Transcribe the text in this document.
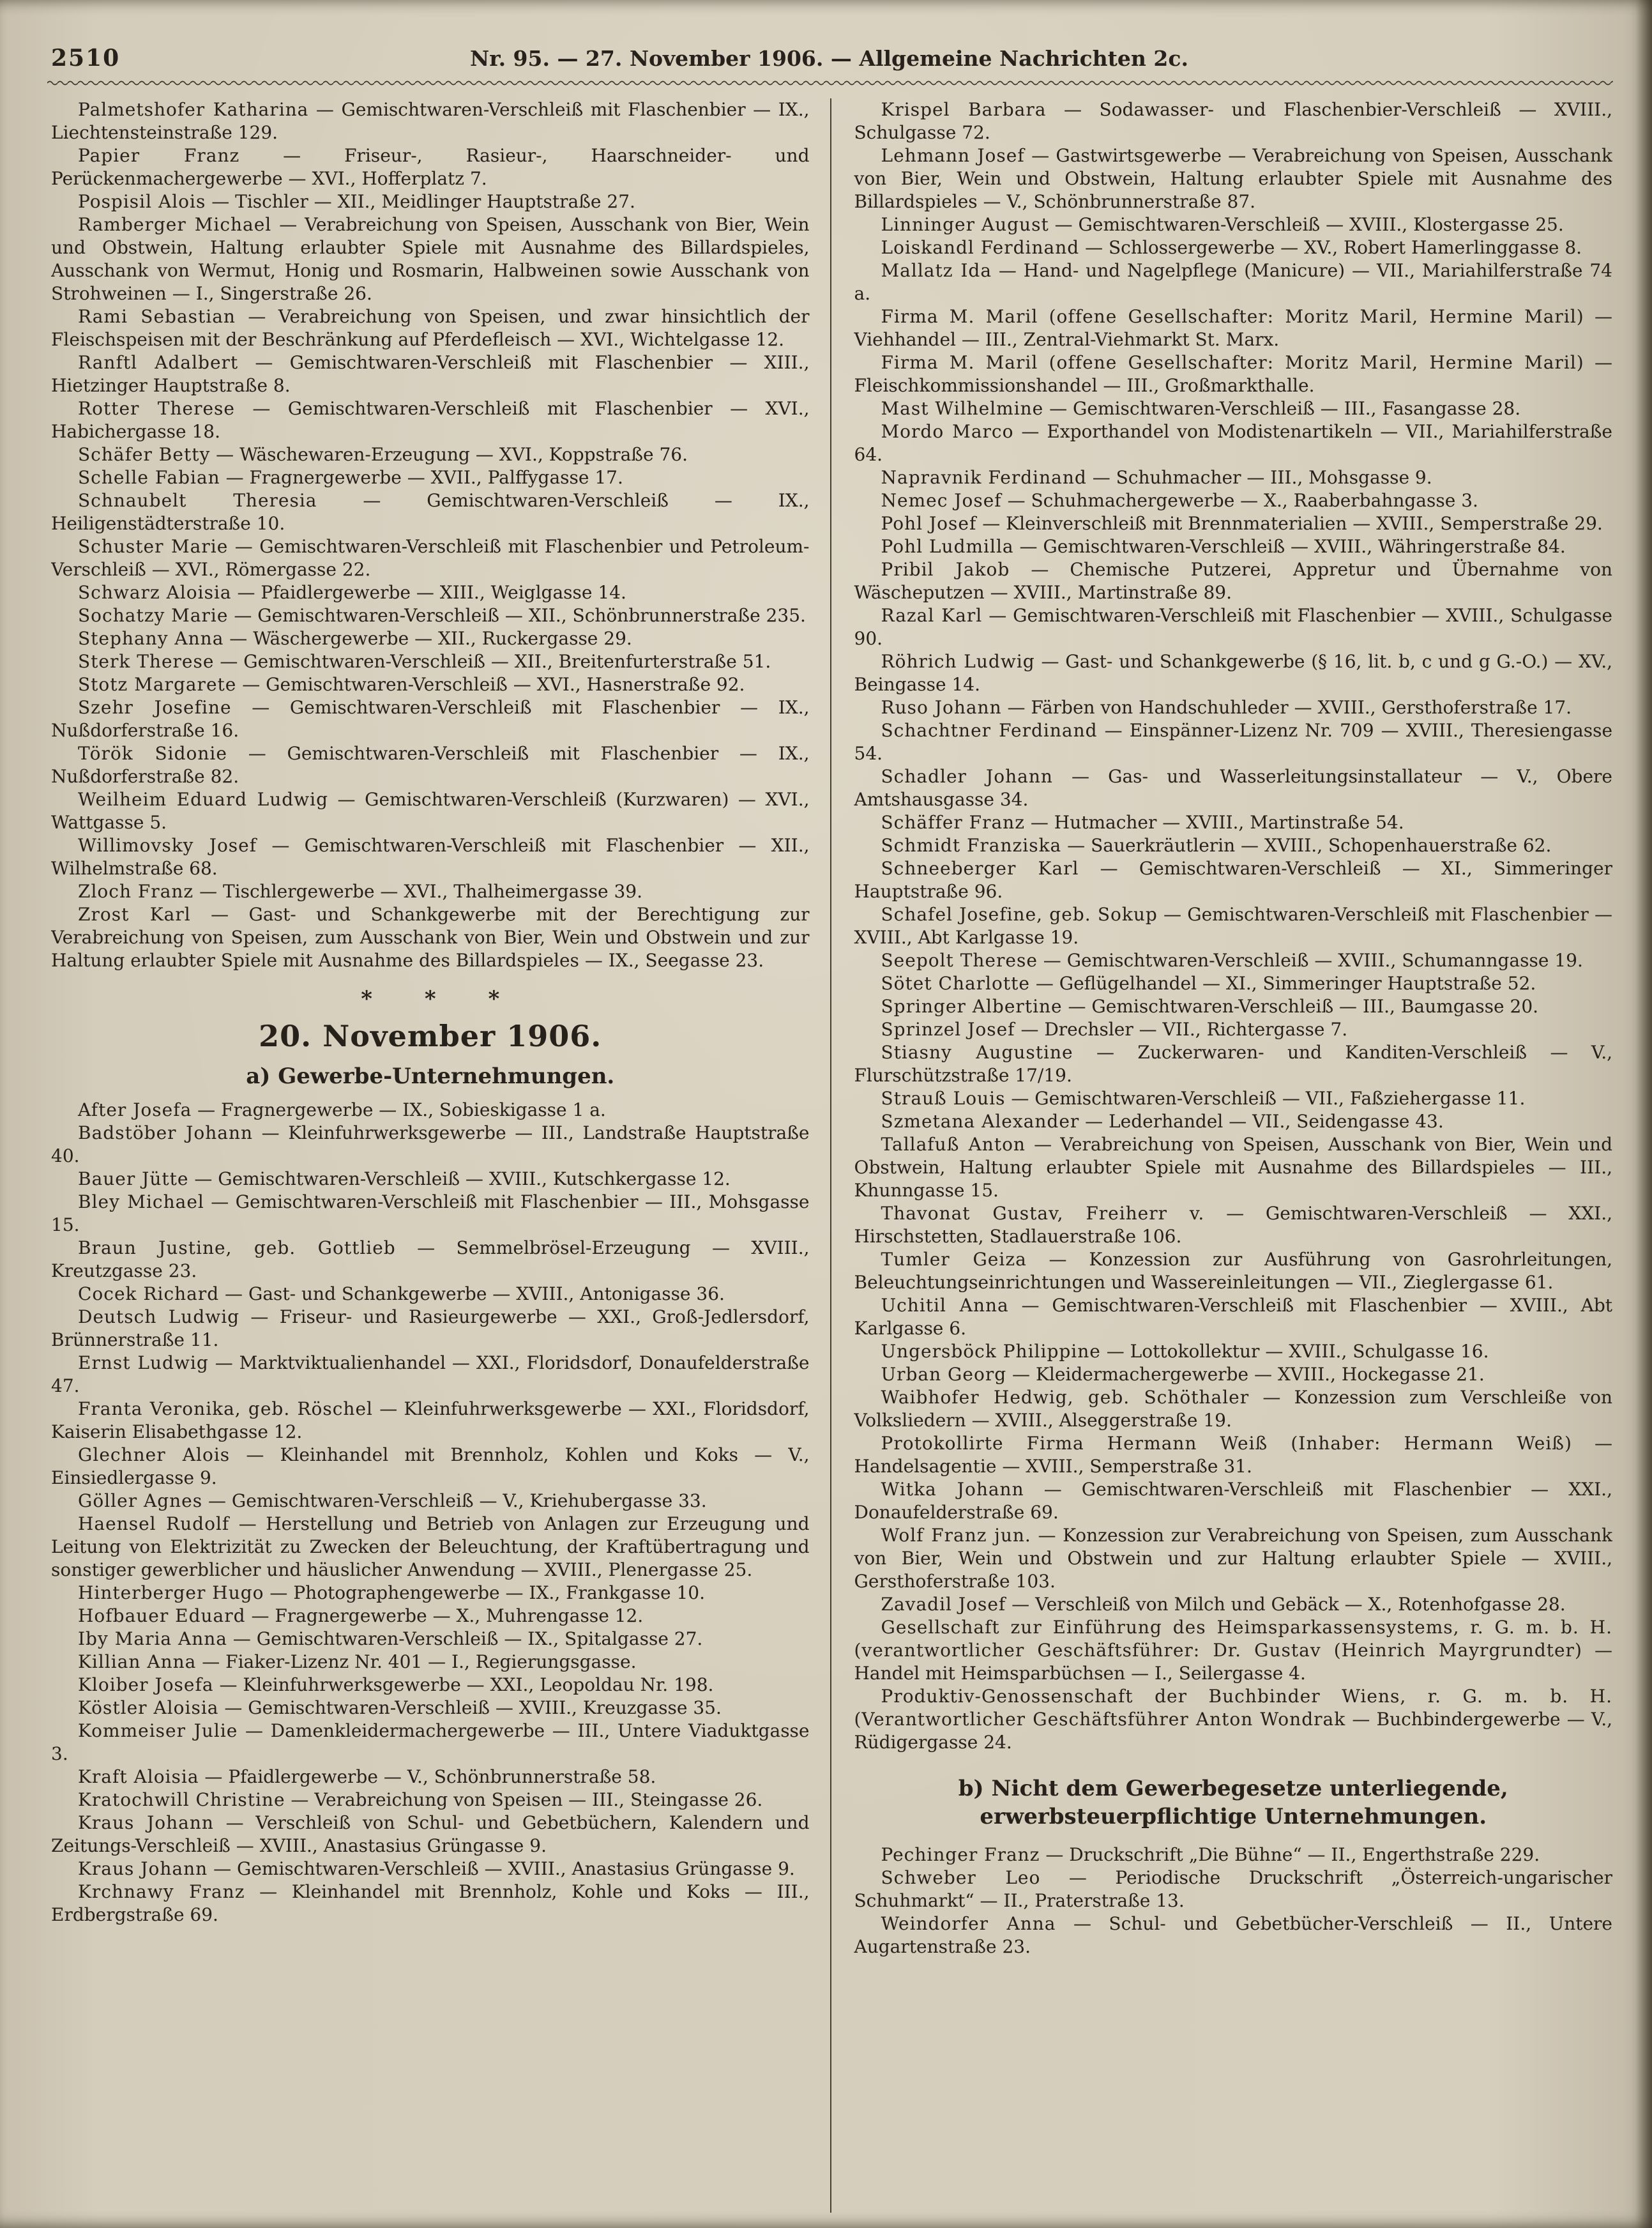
2510	Nr. 95. — 27. November 1906. — Allgemeine Nachrichten 2c.

Palmetshofer Katharina — Gemischtwaren-Verschleiß mit Flaschenbier — IX., Liechtensteinstraße 129.

Papier Franz — Friseur-, Rasieur-, Haarschneider- und Perückenmachergewerbe — XVI., Hofferplatz 7.

Pospisil Alois — Tischler — XII., Meidlinger Hauptstraße 27.

Ramberger Michael — Verabreichung von Speisen, Ausschank von Bier, Wein und Obstwein, Haltung erlaubter Spiele mit Ausnahme des Billardspieles, Ausschank von Wermut, Honig und Rosmarin, Halbweinen sowie Ausschank von Strohweinen — I., Singerstraße 26.

Rami Sebastian — Verabreichung von Speisen, und zwar hinsichtlich der Fleischspeisen mit der Beschränkung auf Pferdefleisch — XVI., Wichtelgasse 12.

Ranftl Adalbert — Gemischtwaren-Verschleiß mit Flaschenbier — XIII., Hietzinger Hauptstraße 8.

Rotter Therese — Gemischtwaren-Verschleiß mit Flaschenbier — XVI., Habichergasse 18.

Schäfer Betty — Wäschewaren-Erzeugung — XVI., Koppstraße 76.

Schelle Fabian — Fragnergewerbe — XVII., Palffygasse 17.

Schnaubelt Theresia — Gemischtwaren-Verschleiß — IX., Heiligenstädterstraße 10.

Schuster Marie — Gemischtwaren-Verschleiß mit Flaschenbier und Petroleum-Verschleiß — XVI., Römergasse 22.

Schwarz Aloisia — Pfaidlergewerbe — XIII., Weiglgasse 14.

Sochatzy Marie — Gemischtwaren-Verschleiß — XII., Schönbrunnerstraße 235.

Stephany Anna — Wäschergewerbe — XII., Ruckergasse 29.

Sterk Therese — Gemischtwaren-Verschleiß — XII., Breitenfurterstraße 51.

Stotz Margarete — Gemischtwaren-Verschleiß — XVI., Hasnerstraße 92.

Szehr Josefine — Gemischtwaren-Verschleiß mit Flaschenbier — IX., Nußdorferstraße 16.

Török Sidonie — Gemischtwaren-Verschleiß mit Flaschenbier — IX., Nußdorferstraße 82.

Weilheim Eduard Ludwig — Gemischtwaren-Verschleiß (Kurzwaren) — XVI., Wattgasse 5.

Willimovsky Josef — Gemischtwaren-Verschleiß mit Flaschenbier — XII., Wilhelmstraße 68.

Zloch Franz — Tischlergewerbe — XVI., Thalheimergasse 39.

Zrost Karl — Gast- und Schankgewerbe mit der Berechtigung zur Verabreichung von Speisen, zum Ausschank von Bier, Wein und Obstwein und zur Haltung erlaubter Spiele mit Ausnahme des Billardspieles — IX., Seegasse 23.

* * *
20. November 1906.
a) Gewerbe-Unternehmungen.

After Josefa — Fragnergewerbe — IX., Sobieskigasse 1 a.

Badstöber Johann — Kleinfuhrwerksgewerbe — III., Landstraße Hauptstraße 40.

Bauer Jütte — Gemischtwaren-Verschleiß — XVIII., Kutschkergasse 12.

Bley Michael — Gemischtwaren-Verschleiß mit Flaschenbier — III., Mohsgasse 15.

Braun Justine, geb. Gottlieb — Semmelbrösel-Erzeugung — XVIII., Kreutzgasse 23.

Cocek Richard — Gast- und Schankgewerbe — XVIII., Antonigasse 36.

Deutsch Ludwig — Friseur- und Rasieurgewerbe — XXI., Groß-Jedlersdorf, Brünnerstraße 11.

Ernst Ludwig — Marktviktualienhandel — XXI., Floridsdorf, Donaufelderstraße 47.

Franta Veronika, geb. Röschel — Kleinfuhrwerksgewerbe — XXI., Floridsdorf, Kaiserin Elisabethgasse 12.

Glechner Alois — Kleinhandel mit Brennholz, Kohlen und Koks — V., Einsiedlergasse 9.

Göller Agnes — Gemischtwaren-Verschleiß — V., Kriehubergasse 33.

Haensel Rudolf — Herstellung und Betrieb von Anlagen zur Erzeugung und Leitung von Elektrizität zu Zwecken der Beleuchtung, der Kraftübertragung und sonstiger gewerblicher und häuslicher Anwendung — XVIII., Plenergasse 25.

Hinterberger Hugo — Photographengewerbe — IX., Frankgasse 10.

Hofbauer Eduard — Fragnergewerbe — X., Muhrengasse 12.

Iby Maria Anna — Gemischtwaren-Verschleiß — IX., Spitalgasse 27.

Killian Anna — Fiaker-Lizenz Nr. 401 — I., Regierungsgasse.

Kloiber Josefa — Kleinfuhrwerksgewerbe — XXI., Leopoldau Nr. 198.

Köstler Aloisia — Gemischtwaren-Verschleiß — XVIII., Kreuzgasse 35.

Kommeiser Julie — Damenkleidermachergewerbe — III., Untere Viaduktgasse 3.

Kraft Aloisia — Pfaidlergewerbe — V., Schönbrunnerstraße 58.

Kratochwill Christine — Verabreichung von Speisen — III., Steingasse 26.

Kraus Johann — Verschleiß von Schul- und Gebetbüchern, Kalendern und Zeitungs-Verschleiß — XVIII., Anastasius Grüngasse 9.

Kraus Johann — Gemischtwaren-Verschleiß — XVIII., Anastasius Grüngasse 9.

Krchnawy Franz — Kleinhandel mit Brennholz, Kohle und Koks — III., Erdbergstraße 69.

Krispel Barbara — Sodawasser- und Flaschenbier-Verschleiß — XVIII., Schulgasse 72.

Lehmann Josef — Gastwirtsgewerbe — Verabreichung von Speisen, Ausschank von Bier, Wein und Obstwein, Haltung erlaubter Spiele mit Ausnahme des Billardspieles — V., Schönbrunnerstraße 87.

Linninger August — Gemischtwaren-Verschleiß — XVIII., Klostergasse 25.

Loiskandl Ferdinand — Schlossergewerbe — XV., Robert Hamerlinggasse 8.

Mallatz Ida — Hand- und Nagelpflege (Manicure) — VII., Mariahilferstraße 74 a.

Firma M. Maril (offene Gesellschafter: Moritz Maril, Hermine Maril) — Viehhandel — III., Zentral-Viehmarkt St. Marx.

Firma M. Maril (offene Gesellschafter: Moritz Maril, Hermine Maril) — Fleischkommissionshandel — III., Großmarkthalle.

Mast Wilhelmine — Gemischtwaren-Verschleiß — III., Fasangasse 28.

Mordo Marco — Exporthandel von Modistenartikeln — VII., Mariahilferstraße 64.

Napravnik Ferdinand — Schuhmacher — III., Mohsgasse 9.

Nemec Josef — Schuhmachergewerbe — X., Raaberbahngasse 3.

Pohl Josef — Kleinverschleiß mit Brennmaterialien — XVIII., Semperstraße 29.

Pohl Ludmilla — Gemischtwaren-Verschleiß — XVIII., Währingerstraße 84.

Pribil Jakob — Chemische Putzerei, Appretur und Übernahme von Wäscheputzen — XVIII., Martinstraße 89.

Razal Karl — Gemischtwaren-Verschleiß mit Flaschenbier — XVIII., Schulgasse 90.

Röhrich Ludwig — Gast- und Schankgewerbe (§ 16, lit. b, c und g G.-O.) — XV., Beingasse 14.

Ruso Johann — Färben von Handschuhleder — XVIII., Gersthoferstraße 17.

Schachtner Ferdinand — Einspänner-Lizenz Nr. 709 — XVIII., Theresiengasse 54.

Schadler Johann — Gas- und Wasserleitungsinstallateur — V., Obere Amtshausgasse 34.

Schäffer Franz — Hutmacher — XVIII., Martinstraße 54.

Schmidt Franziska — Sauerkräutlerin — XVIII., Schopenhauerstraße 62.

Schneeberger Karl — Gemischtwaren-Verschleiß — XI., Simmeringer Hauptstraße 96.

Schafel Josefine, geb. Sokup — Gemischtwaren-Verschleiß mit Flaschenbier — XVIII., Abt Karlgasse 19.

Seepolt Therese — Gemischtwaren-Verschleiß — XVIII., Schumanngasse 19.

Sötet Charlotte — Geflügelhandel — XI., Simmeringer Hauptstraße 52.

Springer Albertine — Gemischtwaren-Verschleiß — III., Baumgasse 20.

Sprinzel Josef — Drechsler — VII., Richtergasse 7.

Stiasny Augustine — Zuckerwaren- und Kanditen-Verschleiß — V., Flurschützstraße 17/19.

Strauß Louis — Gemischtwaren-Verschleiß — VII., Faßziehergasse 11.

Szmetana Alexander — Lederhandel — VII., Seidengasse 43.

Tallafuß Anton — Verabreichung von Speisen, Ausschank von Bier, Wein und Obstwein, Haltung erlaubter Spiele mit Ausnahme des Billardspieles — III., Khunngasse 15.

Thavonat Gustav, Freiherr v. — Gemischtwaren-Verschleiß — XXI., Hirschstetten, Stadlauerstraße 106.

Tumler Geiza — Konzession zur Ausführung von Gasrohrleitungen, Beleuchtungseinrichtungen und Wassereinleitungen — VII., Zieglergasse 61.

Uchitil Anna — Gemischtwaren-Verschleiß mit Flaschenbier — XVIII., Abt Karlgasse 6.

Ungersböck Philippine — Lottokollektur — XVIII., Schulgasse 16.

Urban Georg — Kleidermachergewerbe — XVIII., Hockegasse 21.

Waibhofer Hedwig, geb. Schöthaler — Konzession zum Verschleiße von Volksliedern — XVIII., Alseggerstraße 19.

Protokollirte Firma Hermann Weiß (Inhaber: Hermann Weiß) — Handelsagentie — XVIII., Semperstraße 31.

Witka Johann — Gemischtwaren-Verschleiß mit Flaschenbier — XXI., Donaufelderstraße 69.

Wolf Franz jun. — Konzession zur Verabreichung von Speisen, zum Ausschank von Bier, Wein und Obstwein und zur Haltung erlaubter Spiele — XVIII., Gersthoferstraße 103.

Zavadil Josef — Verschleiß von Milch und Gebäck — X., Rotenhofgasse 28.

Gesellschaft zur Einführung des Heimsparkassensystems, r. G. m. b. H. (verantwortlicher Geschäftsführer: Dr. Gustav (Heinrich Mayrgrundter) — Handel mit Heimsparbüchsen — I., Seilergasse 4.

Produktiv-Genossenschaft der Buchbinder Wiens, r. G. m. b. H. (Verantwortlicher Geschäftsführer Anton Wondrak — Buchbindergewerbe — V., Rüdigergasse 24.

b) Nicht dem Gewerbegesetze unterliegende, erwerbsteuerpflichtige Unternehmungen.

Pechinger Franz — Druckschrift „Die Bühne“ — II., Engerthstraße 229.

Schweber Leo — Periodische Druckschrift „Österreich-ungarischer Schuhmarkt“ — II., Praterstraße 13.

Weindorfer Anna — Schul- und Gebetbücher-Verschleiß — II., Untere Augartenstraße 23.
